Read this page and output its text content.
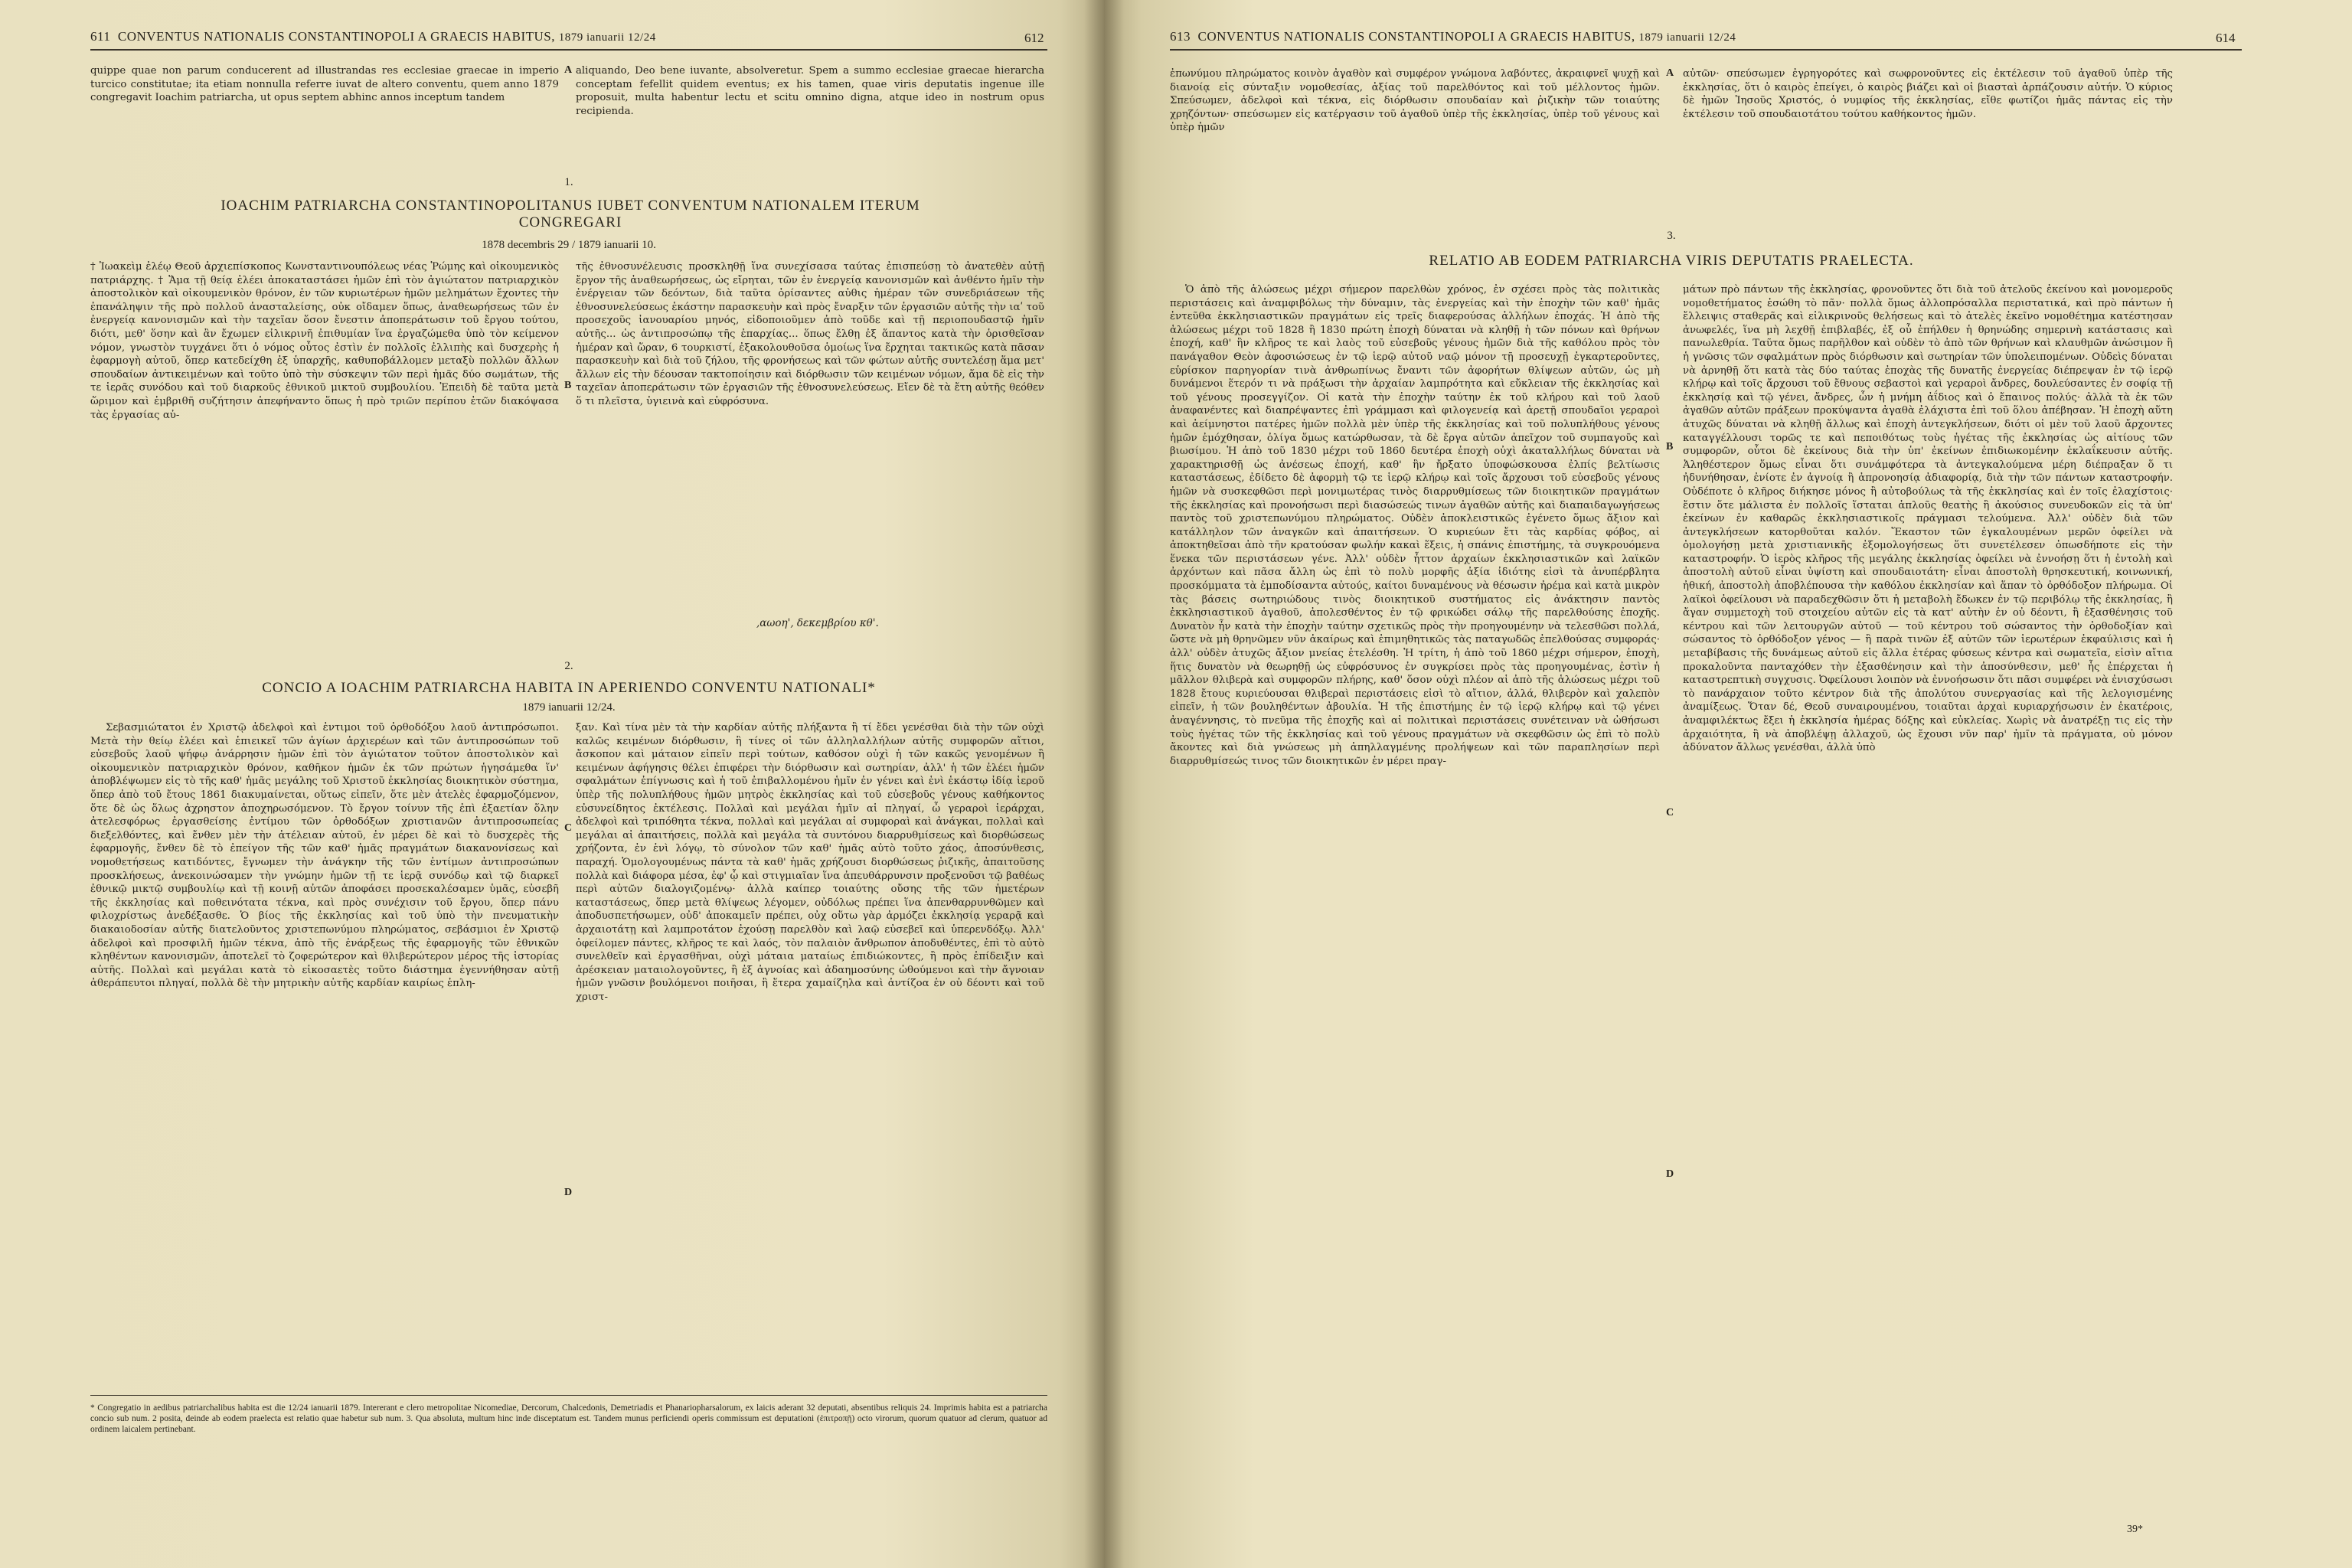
611 CONVENTUS NATIONALIS CONSTANTINOPOLI A GRAECIS HABITUS, 1879 ianuarii 12/24	612

quippe quae non parum conducerent ad illustrandas res ecclesiae graecae in imperio turcico constitutae; ita etiam nonnulla referre iuvat de altero conventu, quem anno 1879 congregavit Ioachim patriarcha, ut opus septem abhinc annos inceptum tandem

aliquando, Deo bene iuvante, absolveretur. Spem a summo ecclesiae graecae hierarcha conceptam fefellit quidem eventus; ex his tamen, quae viris deputatis ingenue ille proposuit, multa habentur lectu et scitu omnino digna, atque ideo in nostrum opus recipienda.

1.
IOACHIM PATRIARCHA CONSTANTINOPOLITANUS IUBET CONVENTUM NATIONALEM ITERUM CONGREGARI
1878 decembris 29 / 1879 ianuarii 10.

† Ἰωακεὶμ ἐλέῳ Θεοῦ ἀρχιεπίσκοπος Κωνσταντινουπόλεως νέας Ῥώμης καὶ οἰκουμενικὸς πατριάρχης. † Ἅμα τῇ θείᾳ ἐλέει ἀποκαταστάσει ἡμῶν ἐπὶ τὸν ἁγιώτατον πατριαρχικὸν ἀποστολικὸν καὶ οἰκουμενικὸν θρόνον, ἐν τῶν κυριωτέρων ἡμῶν μελημάτων ἔχοντες τὴν ἐπανάληψιν τῆς πρὸ πολλοῦ ἀνασταλείσης, οὐκ οἴδαμεν ὅπως, ἀναθεωρήσεως τῶν ἐν ἐνεργείᾳ κανονισμῶν καὶ τὴν ταχεῖαν ὅσον ἔνεστιν ἀποπεράτωσιν τοῦ ἔργου τούτου, διότι, μεθ' ὅσην καὶ ἂν ἔχωμεν εἰλικρινῆ ἐπιθυμίαν ἵνα ἐργαζώμεθα ὑπὸ τὸν κείμενον νόμον, γνωστὸν τυγχάνει ὅτι ὁ νόμος οὗτος ἐστὶν ἐν πολλοῖς ἐλλιπὴς καὶ δυσχερὴς ἡ ἐφαρμογὴ αὐτοῦ, ὅπερ κατεδείχθη ἐξ ὑπαρχῆς, καθυποβάλλομεν μεταξὺ πολλῶν ἄλλων σπουδαίων ἀντικειμένων καὶ τοῦτο ὑπὸ τὴν σύσκεψιν τῶν περὶ ἡμᾶς δύο σωμάτων, τῆς τε ἱερᾶς συνόδου καὶ τοῦ διαρκοῦς ἐθνικοῦ μικτοῦ συμβουλίου. Ἐπειδὴ δὲ ταῦτα μετὰ ὥριμον καὶ ἐμβριθῆ συζήτησιν ἀπεφήναντο ὅπως ἡ πρὸ τριῶν περίπου ἐτῶν διακόψασα τὰς ἐργασίας αὐ-

τῆς ἐθνοσυνέλευσις προσκληθῇ ἵνα συνεχίσασα ταύτας ἐπισπεύσῃ τὸ ἀνατεθὲν αὐτῇ ἔργον τῆς ἀναθεωρήσεως, ὡς εἴρηται, τῶν ἐν ἐνεργείᾳ κανονισμῶν καὶ ἀνθέντο ἡμῖν τὴν ἐνέργειαν τῶν δεόντων, διὰ ταῦτα ὁρίσαντες αὐθις ἡμέραν τῶν συνεδριάσεων τῆς ἐθνοσυνελεύσεως ἑκάστην παρασκευὴν καὶ πρὸς ἔναρξιν τῶν ἐργασιῶν αὐτῆς τὴν ιαʹ τοῦ προσεχοῦς ἰανουαρίου μηνός, εἰδοποιοῦμεν ἀπὸ τοῦδε καὶ τῇ περιοπουδαστῷ ἡμῖν αὐτῆς... ὡς ἀντιπροσώπῳ τῆς ἐπαρχίας... ὅπως ἔλθῃ ἐξ ἅπαντος κατὰ τὴν ὁρισθεῖσαν ἡμέραν καὶ ὥραν, 6 τουρκιστί, ἐξακολουθοῦσα ὁμοίως ἵνα ἔρχηται τακτικῶς κατὰ πᾶσαν παρασκευὴν καὶ διὰ τοῦ ζήλου, τῆς φρονήσεως καὶ τῶν φώτων αὐτῆς συντελέσῃ ἅμα μετ' ἄλλων εἰς τὴν δέουσαν τακτοποίησιν καὶ διόρθωσιν τῶν κειμένων νόμων, ἅμα δὲ εἰς τὴν ταχεῖαν ἀποπεράτωσιν τῶν ἐργασιῶν τῆς ἐθνοσυνελεύσεως. Εἴεν δὲ τὰ ἔτη αὐτῆς θεόθεν ὅ τι πλεῖστα, ὑγιεινὰ καὶ εὐφρόσυνα.

,αωοη', δεκεμβρίου κθ'.
2.
CONCIO A IOACHIM PATRIARCHA HABITA IN APERIENDO CONVENTU NATIONALI*
1879 ianuarii 12/24.

Σεβασμιώτατοι ἐν Χριστῷ ἀδελφοὶ καὶ ἐντιμοι τοῦ ὀρθοδόξου λαοῦ ἀντιπρόσωποι. Μετὰ τὴν θείῳ ἐλέει καὶ ἐπιεικεῖ τῶν ἁγίων ἀρχιερέων καὶ τῶν ἀντιπροσώπων τοῦ εὐσεβοῦς λαοῦ ψήφῳ ἀνάρρησιν ἡμῶν ἐπὶ τὸν ἁγιώτατον τοῦτον ἀποστολικὸν καὶ οἰκουμενικὸν πατριαρχικὸν θρόνον, καθῆκον ἡμῶν ἐκ τῶν πρώτων ἡγησάμεθα ἵν' ἀποβλέψωμεν εἰς τὸ τῆς καθ' ἡμᾶς μεγάλης τοῦ Χριστοῦ ἐκκλησίας διοικητικὸν σύστημα, ὅπερ ἀπὸ τοῦ ἔτους 1861 διακυμαίνεται, οὕτως εἰπεῖν, ὅτε μὲν ἀτελὲς ἐφαρμοζόμενον, ὅτε δὲ ὡς ὅλως ἀχρηστον ἀποχηρωσόμενον. Τὸ ἔργον τοίνυν τῆς ἐπὶ ἐξαετίαν ὅλην ἀτελεσφόρως ἐργασθείσης ἐντίμου τῶν ὀρθοδόξων χριστιανῶν ἀντιπροσωπείας διεξελθόντες, καὶ ἔνθεν μὲν τὴν ἀτέλειαν αὐτοῦ, ἐν μέρει δὲ καὶ τὸ δυσχερὲς τῆς ἐφαρμογῆς, ἔνθεν δὲ τὸ ἐπείγον τῆς τῶν καθ' ἡμᾶς πραγμάτων διακανονίσεως καὶ νομοθετήσεως κατιδόντες, ἔγνωμεν τὴν ἀνάγκην τῆς τῶν ἐντίμων ἀντιπροσώπων προσκλήσεως, ἀνεκοινώσαμεν τὴν γνώμην ἡμῶν τῇ τε ἱερᾷ συνόδῳ καὶ τῷ διαρκεῖ ἐθνικῷ μικτῷ συμβουλίῳ καὶ τῇ κοινῇ αὐτῶν ἀποφάσει προσεκαλέσαμεν ὑμᾶς, εὐσεβῆ τῆς ἐκκλησίας καὶ ποθεινότατα τέκνα, καὶ πρὸς συνέχισιν τοῦ ἔργου, ὅπερ πάνυ φιλοχρίστως ἀνεδέξασθε. Ὁ βίος τῆς ἐκκλησίας καὶ τοῦ ὑπὸ τὴν πνευματικὴν διακαιοδοσίαν αὐτῆς διατελοῦντος χριστεπωνύμου πληρώματος, σεβάσμιοι ἐν Χριστῷ ἀδελφοὶ καὶ προσφιλῆ ἡμῶν τέκνα, ἀπὸ τῆς ἐνάρξεως τῆς ἐφαρμογῆς τῶν ἐθνικῶν κληθέντων κανονισμῶν, ἀποτελεῖ τὸ ζοφερώτερον καὶ θλιβερώτερον μέρος τῆς ἱστορίας αὐτῆς. Πολλαὶ καὶ μεγάλαι κατὰ τὸ εἰκοσαετὲς τοῦτο διάστημα ἐγεννήθησαν αὐτῇ ἀθεράπευτοι πληγαί, πολλὰ δὲ τὴν μητρικὴν αὐτῆς καρδίαν καιρίως ἐπλη-

ξαν. Καὶ τίνα μὲν τὰ τὴν καρδίαν αὐτῆς πλήξαντα ἢ τί ἔδει γενέσθαι διὰ τὴν τῶν οὐχὶ καλῶς κειμένων διόρθωσιν, ἢ τίνες οἱ τῶν ἀλληλαλλήλων αὐτῆς συμφορῶν αἴτιοι, ἄσκοπον καὶ μάταιον εἰπεῖν περὶ τούτων, καθόσον οὐχὶ ἡ τῶν κακῶς γενομένων ἢ κειμένων ἀφήγησις θέλει ἐπιφέρει τὴν διόρθωσιν καὶ σωτηρίαν, ἀλλ' ἡ τῶν ἐλέει ἡμῶν σφαλμάτων ἐπίγνωσις καὶ ἡ τοῦ ἐπιβαλλομένου ἡμῖν ἐν γένει καὶ ἑνὶ ἑκάστῳ ἰδίᾳ ἱεροῦ ὑπὲρ τῆς πολυπλήθους ἡμῶν μητρὸς ἐκκλησίας καὶ τοῦ εὐσεβοῦς γένους καθήκοντος εὐσυνείδητος ἐκτέλεσις. Πολλαὶ καὶ μεγάλαι ἡμῖν αἱ πληγαί, ὦ γεραροὶ ἱεράρχαι, ἀδελφοὶ καὶ τριπόθητα τέκνα, πολλαὶ καὶ μεγάλαι αἱ συμφοραὶ καὶ ἀνάγκαι, πολλαὶ καὶ μεγάλαι αἱ ἀπαιτήσεις, πολλὰ καὶ μεγάλα τὰ συντόνου διαρρυθμίσεως καὶ διορθώσεως χρήζοντα, ἐν ἑνὶ λόγῳ, τὸ σύνολον τῶν καθ' ἡμᾶς αὐτὸ τοῦτο χάος, ἀποσύνθεσις, παραχή. Ὁμολογουμένως πάντα τὰ καθ' ἡμᾶς χρήζουσι διορθώσεως ῥιζικῆς, ἀπαιτοῦσης πολλὰ καὶ διάφορα μέσα, ἐφ' ᾧ καὶ στιγμιαῖαν ἵνα ἀπευθάρρυνσιν προξενοῦσι τῷ βαθέως περὶ αὐτῶν διαλογιζομένῳ· ἀλλὰ καίπερ τοιαύτης οὔσης τῆς τῶν ἡμετέρων καταστάσεως, ὅπερ μετὰ θλίψεως λέγομεν, οὐδόλως πρέπει ἵνα ἀπενθαρρυνθῶμεν καὶ ἀποδυσπετήσωμεν, οὐδ' ἀποκαμεῖν πρέπει, οὐχ οὕτω γὰρ ἀρμόζει ἐκκλησίᾳ γεραρᾷ καὶ ἀρχαιοτάτῃ καὶ λαμπροτάτον ἐχούσῃ παρελθὸν καὶ λαῷ εὐσεβεῖ καὶ ὑπερενδόξῳ. Ἀλλ' ὀφείλομεν πάντες, κλῆρος τε καὶ λαός, τὸν παλαιὸν ἄνθρωπον ἀποδυθέντες, ἐπὶ τὸ αὐτὸ συνελθεῖν καὶ ἐργασθῆναι, οὐχὶ μάταια ματαίως ἐπιδιώκοντες, ἢ πρὸς ἐπίδειξιν καὶ ἀρέσκειαν ματαιολογοῦντες, ἢ ἐξ ἀγνοίας καὶ ἀδαημοσύνης ὠθούμενοι καὶ τὴν ἄγνοιαν ἡμῶν γνῶσιν βουλόμενοι ποιῆσαι, ἢ ἕτερα χαμαίζηλα καὶ ἀντίζοα ἐν οὐ δέοντι καὶ τοῦ χριστ-

* Congregatio in aedibus patriarchalibus habita est die 12/24 ianuarii 1879. Intererant e clero metropolitae Nicomediae, Dercorum, Chalcedonis, Demetriadis et Phanariopharsalorum, ex laicis aderant 32 deputati, absentibus reliquis 24. Imprimis habita est a patriarcha concio sub num. 2 posita, deinde ab eodem praelecta est relatio quae habetur sub num. 3. Qua absoluta, multum hinc inde disceptatum est. Tandem munus perficiendi operis commissum est deputationi (ἐπιτροπῇ) octo virorum, quorum quatuor ad clerum, quatuor ad ordinem laicalem pertinebant.
A
B
C
D
613 CONVENTUS NATIONALIS CONSTANTINOPOLI A GRAECIS HABITUS, 1879 ianuarii 12/24	614

ἐπωνύμου πληρώματος κοινὸν ἀγαθὸν καὶ συμφέρον γνώμονα λαβόντες, ἀκραιφνεῖ ψυχῇ καὶ διανοίᾳ εἰς σύνταξιν νομοθεσίας, ἀξίας τοῦ παρελθόντος καὶ τοῦ μέλλοντος ἡμῶν. Σπεύσωμεν, ἀδελφοὶ καὶ τέκνα, εἰς διόρθωσιν σπουδαίαν καὶ ῥιζικὴν τῶν τοιαύτης χρηζόντων· σπεύσωμεν εἰς κατέργασιν τοῦ ἀγαθοῦ ὑπὲρ τῆς ἐκκλησίας, ὑπὲρ τοῦ γένους καὶ ὑπὲρ ἡμῶν

αὐτῶν· σπεύσωμεν ἐγρηγορότες καὶ σωφρονοῦντες εἰς ἐκτέλεσιν τοῦ ἀγαθοῦ ὑπὲρ τῆς ἐκκλησίας, ὅτι ὁ καιρὸς ἐπείγει, ὁ καιρὸς βιάζει καὶ οἱ βιασταὶ ἁρπάζουσιν αὐτήν. Ὁ κύριος δὲ ἡμῶν Ἰησοῦς Χριστός, ὁ νυμφίος τῆς ἐκκλησίας, εἴθε φωτίζοι ἡμᾶς πάντας εἰς τὴν ἐκτέλεσιν τοῦ σπουδαιοτάτου τούτου καθήκοντος ἡμῶν.

3.
RELATIO AB EODEM PATRIARCHA VIRIS DEPUTATIS PRAELECTA.

Ὁ ἀπὸ τῆς ἁλώσεως μέχρι σήμερον παρελθὼν χρόνος, ἐν σχέσει πρὸς τὰς πολιτικὰς περιστάσεις καὶ ἀναμφιβόλως τὴν δύναμιν, τὰς ἐνεργείας καὶ τὴν ἐποχὴν τῶν καθ' ἡμᾶς ἐντεῦθα ἐκκλησιαστικῶν πραγμάτων εἰς τρεῖς διαφερούσας ἀλλήλων ἐποχάς. Ἡ ἀπὸ τῆς ἁλώσεως μέχρι τοῦ 1828 ἢ 1830 πρώτη ἐποχὴ δύναται νὰ κληθῇ ἡ τῶν πόνων καὶ θρήνων ἐποχή, καθ' ἣν κλῆρος τε καὶ λαὸς τοῦ εὐσεβοῦς γένους ἡμῶν διὰ τῆς καθόλου πρὸς τὸν πανάγαθον Θεὸν ἀφοσιώσεως ἐν τῷ ἱερῷ αὐτοῦ ναῷ μόνον τῇ προσευχῇ ἐγκαρτεροῦντες, εὑρίσκον παρηγορίαν τινὰ ἀνθρωπίνως ἔναντι τῶν ἀφορήτων θλίψεων αὐτῶν, ὡς μὴ δυνάμενοι ἕτερόν τι νὰ πράξωσι τὴν ἀρχαίαν λαμπρότητα καὶ εὔκλειαν τῆς ἐκκλησίας καὶ τοῦ γένους προσεγγίζον. Οἱ κατὰ τὴν ἐποχὴν ταύτην ἐκ τοῦ κλήρου καὶ τοῦ λαοῦ ἀναφανέντες καὶ διαπρέψαντες ἐπὶ γράμμασι καὶ φιλογενείᾳ καὶ ἀρετῇ σπουδαῖοι γεραροὶ καὶ ἀείμνηστοι πατέρες ἡμῶν πολλὰ μὲν ὑπὲρ τῆς ἐκκλησίας καὶ τοῦ πολυπλήθους γένους ἡμῶν ἐμόχθησαν, ὀλίγα ὅμως κατώρθωσαν, τὰ δὲ ἔργα αὐτῶν ἀπεῖχον τοῦ συμπαγοῦς καὶ βιωσίμου. Ἡ ἀπὸ τοῦ 1830 μέχρι τοῦ 1860 δευτέρα ἐποχὴ οὐχὶ ἀκαταλλήλως δύναται νὰ χαρακτηρισθῇ ὡς ἀνέσεως ἐποχή, καθ' ἣν ἤρξατο ὑποφώσκουσα ἐλπίς βελτίωσις καταστάσεως, ἐδίδετο δὲ ἀφορμὴ τῷ τε ἱερῷ κλήρῳ καὶ τοῖς ἄρχουσι τοῦ εὐσεβοῦς γένους ἡμῶν νὰ συσκεφθῶσι περὶ μονιμωτέρας τινὸς διαρρυθμίσεως τῶν διοικητικῶν πραγμάτων τῆς ἐκκλησίας καὶ προνοήσωσι περὶ διασώσεώς τινων ἀγαθῶν αὐτῆς καὶ διαπαιδαγωγήσεως παντὸς τοῦ χριστεπωνύμου πληρώματος. Οὐδὲν ἀποκλειστικῶς ἐγένετο ὅμως ἄξιον καὶ κατάλληλον τῶν ἀναγκῶν καὶ ἀπαιτήσεων. Ὁ κυριεύων ἔτι τὰς καρδίας φόβος, αἱ ἀποκτηθεῖσαι ἀπὸ τῆν κρατούσαν φωλήν κακαὶ ἕξεις, ἡ σπάνις ἐπιστήμης, τὰ συγκρουόμενα ἕνεκα τῶν περιστάσεων γένε. Ἀλλ' οὐδὲν ἦττον ἀρχαίων ἐκκλησιαστικῶν καὶ λαϊκῶν ἀρχόντων καὶ πᾶσα ἄλλη ὡς ἐπὶ τὸ πολὺ μορφῆς ἀξία ἰδιότης εἰσὶ τὰ ἀνυπέρβλητα προσκόμματα τὰ ἐμποδίσαντα αὐτούς, καίτοι δυναμένους νὰ θέσωσιν ἠρέμα καὶ κατὰ μικρὸν τὰς βάσεις σωτηριώδους τινὸς διοικητικοῦ συστήματος εἰς ἀνάκτησιν παντὸς ἐκκλησιαστικοῦ ἀγαθοῦ, ἀπολεσθέντος ἐν τῷ φρικώδει σάλῳ τῆς παρελθούσης ἐποχῆς. Δυνατὸν ἦν κατὰ τὴν ἐποχὴν ταύτην σχετικῶς πρὸς τὴν προηγουμένην νὰ τελεσθῶσι πολλά, ὥστε νὰ μὴ θρηνῶμεν νῦν ἀκαίρως καὶ ἐπιμηθητικῶς τὰς παταγωδῶς ἐπελθούσας συμφοράς· ἀλλ' οὐδὲν ἀτυχῶς ἄξιον μνείας ἐτελέσθη. Ἡ τρίτη, ἡ ἀπὸ τοῦ 1860 μέχρι σήμερον, ἐποχὴ, ἥτις δυνατὸν νὰ θεωρηθῇ ὡς εὐφρόσυνος ἐν συγκρίσει πρὸς τὰς προηγουμένας, ἐστὶν ἡ μᾶλλον θλιβερὰ καὶ συμφορῶν πλήρης, καθ' ὅσον οὐχὶ πλέον αἱ ἀπὸ τῆς ἁλώσεως μέχρι τοῦ 1828 ἔτους κυριεύουσαι θλιβεραὶ περιστάσεις εἰσὶ τὸ αἴτιον, ἀλλά, θλιβερὸν καὶ χαλεπὸν εἰπεῖν, ἡ τῶν βουληθέντων ἀβουλία. Ἡ τῆς ἐπιστήμης ἐν τῷ ἱερῷ κλήρῳ καὶ τῷ γένει ἀναγέννησις, τὸ πνεῦμα τῆς ἐποχῆς καὶ αἱ πολιτικαὶ περιστάσεις συνέτειναν νὰ ὠθήσωσι τοὺς ἡγέτας τῶν τῆς ἐκκλησίας καὶ τοῦ γένους πραγμάτων νὰ σκεφθῶσιν ὡς ἐπὶ τὸ πολὺ ἄκοντες καὶ διὰ γνώσεως μὴ ἀπηλλαγμένης προλήψεων καὶ τῶν παραπλησίων περὶ διαρρυθμίσεώς τινος τῶν διοικητικῶν ἐν μέρει πραγ-

μάτων πρὸ πάντων τῆς ἐκκλησίας, φρονοῦντες ὅτι διὰ τοῦ ἀτελοῦς ἐκείνου καὶ μονομεροῦς νομοθετήματος ἐσώθη τὸ πᾶν· πολλὰ ὅμως ἀλλοπρόσαλλα περιστατικά, καὶ πρὸ πάντων ἡ ἔλλειψις σταθερᾶς καὶ εἰλικρινοῦς θελήσεως καὶ τὸ ἀτελὲς ἐκεῖνο νομοθέτημα κατέστησαν ἀνωφελές, ἵνα μὴ λεχθῇ ἐπιβλαβές, ἐξ οὗ ἐπήλθεν ἡ θρηνώδης σημερινὴ κατάστασις καὶ πανωλεθρία. Ταῦτα ὅμως παρῆλθον καὶ οὐδὲν τὸ ἀπὸ τῶν θρήνων καὶ κλαυθμῶν ἀνώσιμον ἢ ἡ γνῶσις τῶν σφαλμάτων πρὸς διόρθωσιν καὶ σωτηρίαν τῶν ὑπολειπομένων. Οὐδεὶς δύναται νὰ ἀρνηθῇ ὅτι κατὰ τὰς δύο ταύτας ἐποχὰς τῆς δυνατῆς ἐνεργείας διέπρεψαν ἐν τῷ ἱερῷ κλήρῳ καὶ τοῖς ἄρχουσι τοῦ ἔθνους σεβαστοὶ καὶ γεραροὶ ἄνδρες, δουλεύσαντες ἐν σοφίᾳ τῇ ἐκκλησίᾳ καὶ τῷ γένει, ἄνδρες, ὧν ἡ μνήμη ἀΐδιος καὶ ὁ ἔπαινος πολύς· ἀλλὰ τὰ ἐκ τῶν ἀγαθῶν αὐτῶν πράξεων προκύψαντα ἀγαθὰ ἐλάχιστα ἐπὶ τοῦ ὅλου ἀπέβησαν. Ἡ ἐποχὴ αὕτη ἀτυχῶς δύναται νὰ κληθῇ ἄλλως καὶ ἐποχὴ ἀντεγκλήσεων, διότι οἱ μὲν τοῦ λαοῦ ἄρχοντες καταγγέλλουσι τορῶς τε καὶ πεποιθότως τοὺς ἡγέτας τῆς ἐκκλησίας ὡς αἰτίους τῶν συμφορῶν, οὗτοι δὲ ἐκείνους διὰ τὴν ὑπ' ἐκείνων ἐπιδιωκομένην ἐκλαΐκευσιν αὐτῆς. Ἀληθέστερον ὅμως εἶναι ὅτι συνάμφότερα τὰ ἀντεγκαλούμενα μέρη διέπραξαν ὅ τι ἠδυνήθησαν, ἐνίοτε ἐν ἀγνοίᾳ ἢ ἀπρονοησίᾳ ἀδιαφορίᾳ, διὰ τὴν τῶν πάντων καταστροφήν. Οὐδέποτε ὁ κλῆρος διήκησε μόνος ἢ αὐτοβούλως τὰ τῆς ἐκκλησίας καὶ ἐν τοῖς ἐλαχίστοις· ἔστιν ὅτε μάλιστα ἐν πολλοῖς ἵσταται ἁπλοῦς θεατὴς ἢ ἀκούσιος συνευδοκῶν εἰς τὰ ὑπ' ἐκείνων ἐν καθαρῶς ἐκκλησιαστικοῖς πράγμασι τελούμενα. Ἀλλ' οὐδὲν διὰ τῶν ἀντεγκλήσεων κατορθοῦται καλόν. Ἕκαστον τῶν ἐγκαλουμένων μερῶν ὀφείλει νὰ ὁμολογήσῃ μετὰ χριστιανικῆς ἐξομολογήσεως ὅτι συνετέλεσεν ὁπωσδήποτε εἰς τὴν καταστροφήν. Ὁ ἱερὸς κλῆρος τῆς μεγάλης ἐκκλησίας ὀφείλει νὰ ἐννοήσῃ ὅτι ἡ ἐντολὴ καὶ ἀποστολὴ αὐτοῦ εἶναι ὑψίστη καὶ σπουδαιοτάτη· εἶναι ἀποστολὴ θρησκευτική, κοινωνική, ἠθική, ἀποστολὴ ἀποβλέπουσα τὴν καθόλου ἐκκλησίαν καὶ ἅπαν τὸ ὀρθόδοξον πλήρωμα. Οἱ λαϊκοὶ ὀφείλουσι νὰ παραδεχθῶσιν ὅτι ἡ μεταβολὴ ἔδωκεν ἐν τῷ περιβόλῳ τῆς ἐκκλησίας, ἢ ἄγαν συμμετοχὴ τοῦ στοιχείου αὐτῶν εἰς τὰ κατ' αὐτὴν ἐν οὐ δέοντι, ἢ ἐξασθένησις τοῦ κέντρου καὶ τῶν λειτουργῶν αὐτοῦ — τοῦ κέντρου τοῦ σώσαντος τὴν ὀρθοδοξίαν καὶ σώσαντος τὸ ὀρθόδοξον γένος — ἢ παρὰ τινῶν ἐξ αὐτῶν τῶν ἱερωτέρων ἐκφαύλισις καὶ ἡ μεταβίβασις τῆς δυνάμεως αὐτοῦ εἰς ἄλλα ἑτέρας φύσεως κέντρα καὶ σωματεῖα, εἰσὶν αἴτια προκαλοῦντα πανταχόθεν τὴν ἐξασθένησιν καὶ τὴν ἀποσύνθεσιν, μεθ' ἧς ἐπέρχεται ἡ καταστρεπτικὴ συγχυσις. Ὀφείλουσι λοιπὸν νὰ ἐννοήσωσιν ὅτι πᾶσι συμφέρει νὰ ἐνισχύσωσι τὸ πανάρχαιον τοῦτο κέντρον διὰ τῆς ἀπολύτου συνεργασίας καὶ τῆς λελογισμένης ἀναμίξεως. Ὅταν δέ, Θεοῦ συναιρουμένου, τοιαῦται ἀρχαὶ κυριαρχήσωσιν ἐν ἑκατέροις, ἀναμφιλέκτως ἔξει ἡ ἐκκλησία ἡμέρας δόξης καὶ εὐκλείας. Χωρὶς νὰ ἀνατρέξῃ τις εἰς τὴν ἀρχαιότητα, ἢ νὰ ἀποβλέψῃ ἀλλαχοῦ, ὡς ἔχουσι νῦν παρ' ἡμῖν τὰ πράγματα, οὐ μόνον ἀδύνατον ἄλλως γενέσθαι, ἀλλὰ ὑπὸ

39*
A
B
C
D
